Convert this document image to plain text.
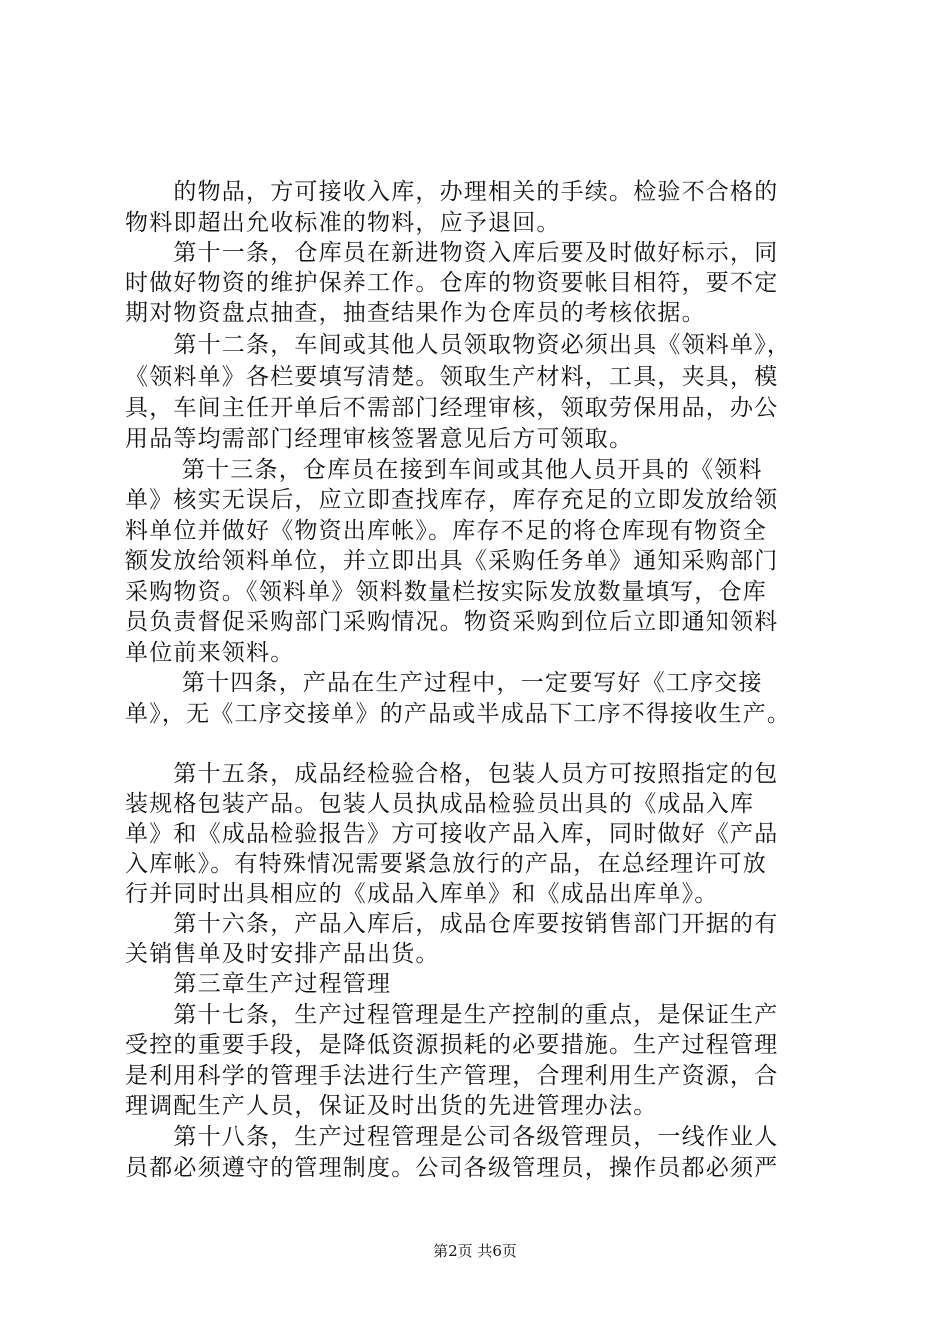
　　的物品，方可接收入库，办理相关的手续。检验不合格的
物料即超出允收标准的物料，应予退回。
　　第十一条，仓库员在新进物资入库后要及时做好标示，同
时做好物资的维护保养工作。仓库的物资要帐目相符，要不定
期对物资盘点抽查，抽查结果作为仓库员的考核依据。
　　第十二条，车间或其他人员领取物资必须出具《领料单》，
《领料单》各栏要填写清楚。领取生产材料，工具，夹具，模
具，车间主任开单后不需部门经理审核，领取劳保用品，办公
用品等均需部门经理审核签署意见后方可领取。
　　 第十三条，仓库员在接到车间或其他人员开具的《领料
单》核实无误后，应立即查找库存，库存充足的立即发放给领
料单位并做好《物资出库帐》。库存不足的将仓库现有物资全
额发放给领料单位，并立即出具《采购任务单》通知采购部门
采购物资。《领料单》领料数量栏按实际发放数量填写，仓库
员负责督促采购部门采购情况。物资采购到位后立即通知领料
单位前来领料。
　　 第十四条，产品在生产过程中，一定要写好《工序交接
单》，无《工序交接单》的产品或半成品下工序不得接收生产。
　　第十五条，成品经检验合格，包装人员方可按照指定的包
装规格包装产品。包装人员执成品检验员出具的《成品入库
单》和《成品检验报告》方可接收产品入库，同时做好《产品
入库帐》。有特殊情况需要紧急放行的产品，在总经理许可放
行并同时出具相应的《成品入库单》和《成品出库单》。
　　第十六条，产品入库后，成品仓库要按销售部门开据的有
关销售单及时安排产品出货。
　　第三章生产过程管理
　　第十七条，生产过程管理是生产控制的重点，是保证生产
受控的重要手段，是降低资源损耗的必要措施。生产过程管理
是利用科学的管理手法进行生产管理，合理利用生产资源，合
理调配生产人员，保证及时出货的先进管理办法。
　　第十八条，生产过程管理是公司各级管理员，一线作业人
员都必须遵守的管理制度。公司各级管理员，操作员都必须严
第2页 共6页
